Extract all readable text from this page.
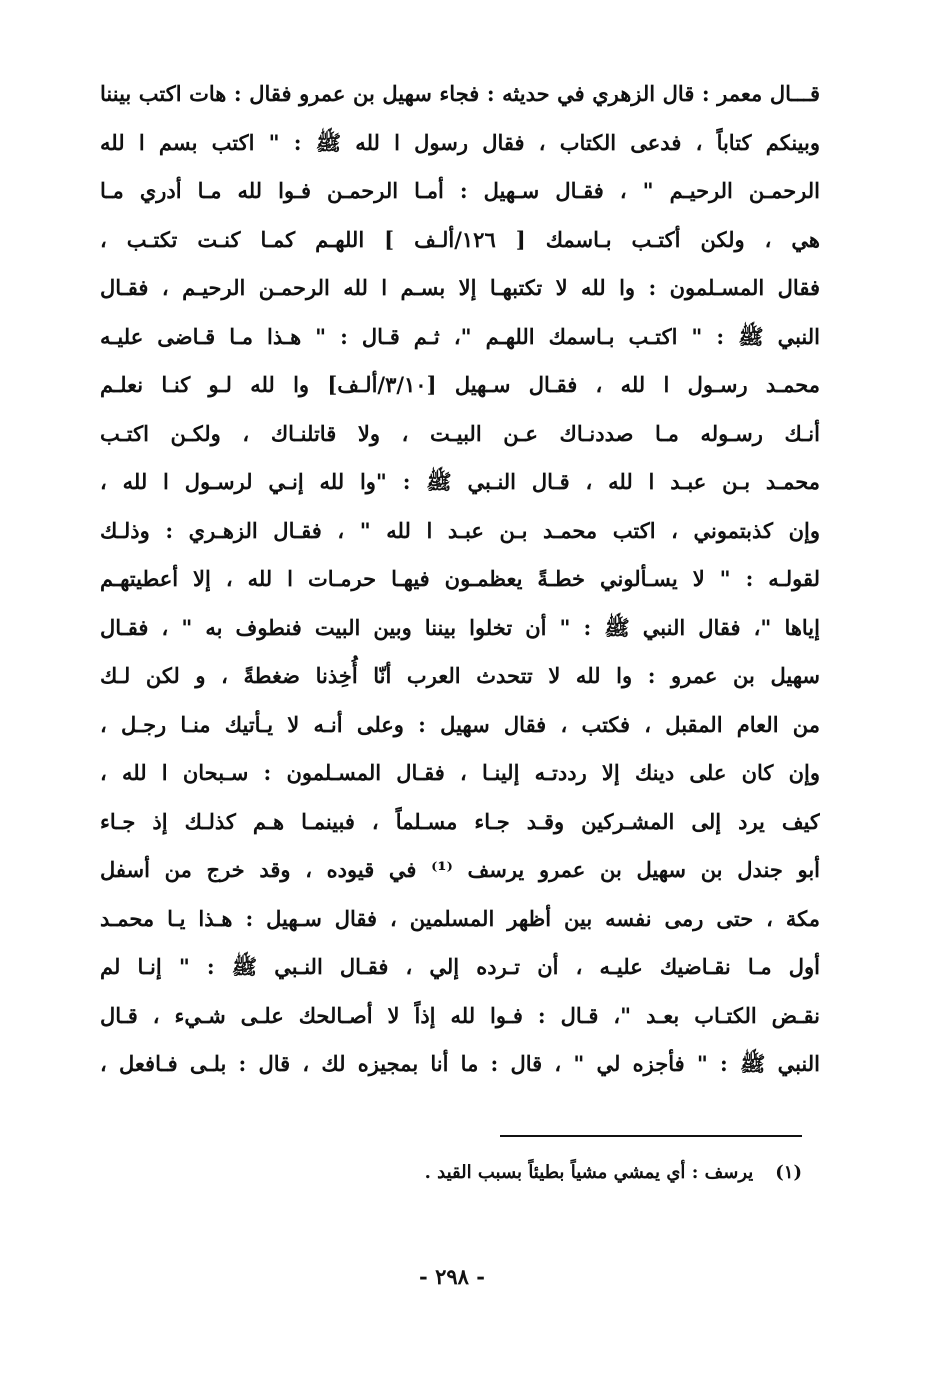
قـــال معمر : قال الزهري في حديثه : فجاء سهيل بن عمرو فقال : هات اكتب بيننا
وبينكم كتاباً ، فدعى الكتاب ، فقال رسول ا لله ﷺ : " اكتب بسم ا لله
الرحمـن الرحيـم " ، فقـال سـهيل : أمـا الرحمـن فـوا لله مـا أدري مـا
هي ، ولكن أكتـب بـاسمك [ ١٢٦/ألـف ] اللهـم كمـا كنـت تكتـب ،
فقال المسـلمون : وا لله لا تكتبهـا إلا بسـم ا لله الرحمـن الرحيـم ، فقـال
النبي ﷺ : " اكتـب بـاسمك اللهـم "، ثـم قـال : " هـذا مـا قـاضى عليـه
محمـد رسـول ا لله ، فقـال سـهيل [٣/١٠/ألـف] وا لله لـو كنـا نعلـم
أنـك رسـوله مـا صددنـاك عـن البيـت ، ولا قاتلنـاك ، ولكـن اكتـب
محمـد بـن عبـد ا لله ، قـال النـبي ﷺ : "وا لله إنـي لرسـول ا لله ،
وإن كذبتموني ، اكتب محمـد بـن عبـد ا لله " ، فقـال الزهـري : وذلـك
لقولـه : " لا يسـألوني خطـةً يعظمـون فيهـا حرمـات ا لله ، إلا أعطيتهـم
إياها "، فقال النبي ﷺ : " أن تخلوا بيننا وبين البيت فنطوف به " ، فقـال
سهيل بن عمرو : وا لله لا تتحدث العرب أنّا أُخِذنا ضغطةً ، و لكن لـك
من العام المقبل ، فكتب ، فقال سهيل : وعلى أنـه لا يـأتيك منـا رجـل ،
وإن كان على دينك إلا رددتـه إلينـا ، فقـال المسـلمون : سـبحان ا لله ،
كيف يرد إلى المشـركين وقـد جـاء مسـلماً ، فبينمـا هـم كذلـك إذ جـاء
أبو جندل بن سهيل بن عمرو يرسف ⁽¹⁾ في قيوده ، وقد خرج من أسفل
مكة ، حتى رمى نفسه بين أظهر المسلمين ، فقال سـهيل : هـذا يـا محمـد
أول مـا نقـاضيك عليـه ، أن تـرده إلي ، فقـال النـبي ﷺ : " إنـا لم
نقـض الكتـاب بعـد "، قـال : فـوا لله إذاً لا أصـالحك علـى شـيء ، قـال
النبي ﷺ : " فأجزه لي " ، قال : ما أنا بمجيزه لك ، قال : بلـى فـافعل ،
(١)يرسف : أي يمشي مشياً بطيئاً بسبب القيد .
- ٢٩٨ -
